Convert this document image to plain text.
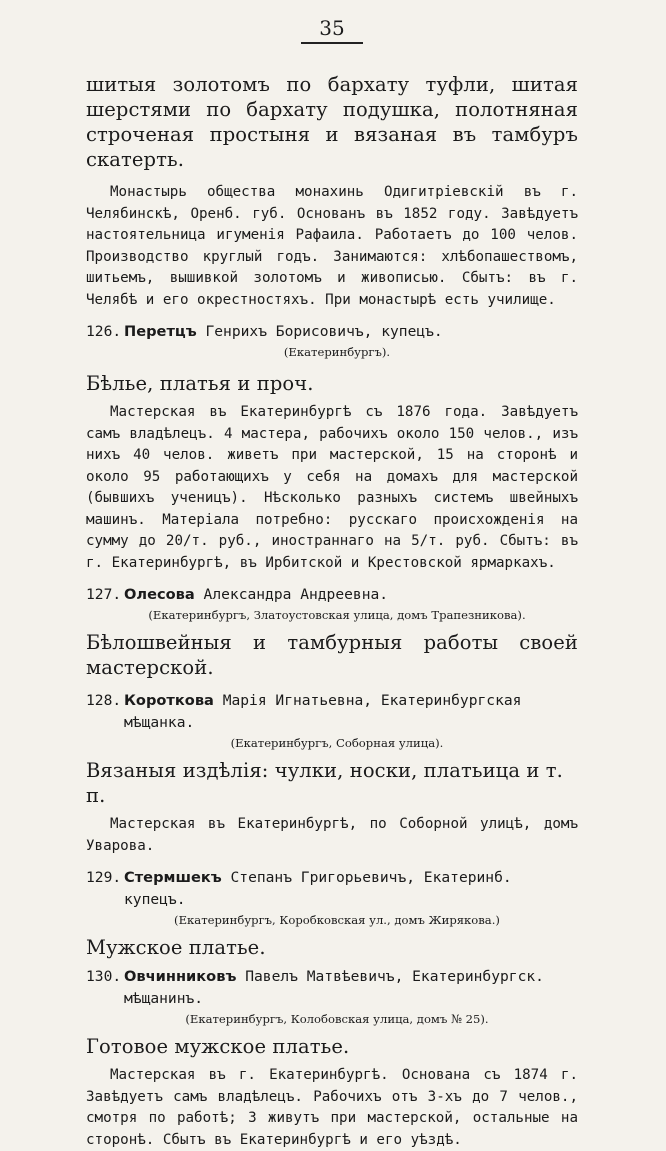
35

шитыя золотомъ по бархату туфли, шитая шерстями по бархату подушка, полотняная строченая простыня и вязаная въ тамбуръ скатерть.

Монастырь общества монахинь Одигитріевскій въ г. Челябинскѣ, Оренб. губ. Основанъ въ 1852 году. Завѣдуетъ настоятельница игуменія Рафаила. Работаетъ до 100 челов. Производство круглый годъ. Занимаются: хлѣбопашествомъ, шитьемъ, вышивкой золотомъ и живописью. Сбытъ: въ г. Челябѣ и его окрестностяхъ. При монастырѣ есть училище.

126. Перетцъ Генрихъ Борисовичъ, купецъ.

(Екатеринбургъ).

Бѣлье, платья и проч.

Мастерская въ Екатеринбургѣ съ 1876 года. Завѣдуетъ самъ владѣлецъ. 4 мастера, рабочихъ около 150 челов., изъ нихъ 40 челов. живетъ при мастерской, 15 на сторонѣ и около 95 работающихъ у себя на домахъ для мастерской (бывшихъ ученицъ). Нѣсколько разныхъ системъ швейныхъ машинъ. Матеріала потребно: русскаго происхожденія на сумму до 20/т. руб., иностраннаго на 5/т. руб. Сбытъ: въ г. Екатеринбургѣ, въ Ирбитской и Крестовской ярмаркахъ.

127. Олесова Александра Андреевна.

(Екатеринбургъ, Златоустовская улица, домъ Трапезникова).

Бѣлошвейныя и тамбурныя работы своей мастерской.

128. Короткова Марія Игнатьевна, Екатеринбургская мѣщанка.

(Екатеринбургъ, Соборная улица).

Вязаныя издѣлія: чулки, носки, платьица и т. п.

Мастерская въ Екатеринбургѣ, по Соборной улицѣ, домъ Уварова.

129. Стермшекъ Степанъ Григорьевичъ, Екатеринб. купецъ.

(Екатеринбургъ, Коробковская ул., домъ Жирякова.)

Мужское платье.

130. Овчинниковъ Павелъ Матвѣевичъ, Екатеринбургск. мѣщанинъ.

(Екатеринбургъ, Колобовская улица, домъ № 25).

Готовое мужское платье.

Мастерская въ г. Екатеринбургѣ. Основана съ 1874 г. Завѣдуетъ самъ владѣлецъ. Рабочихъ отъ 3-хъ до 7 челов., смотря по работѣ; 3 живутъ при мастерской, остальные на сторонѣ. Сбытъ въ Екатеринбургѣ и его уѣздѣ.
